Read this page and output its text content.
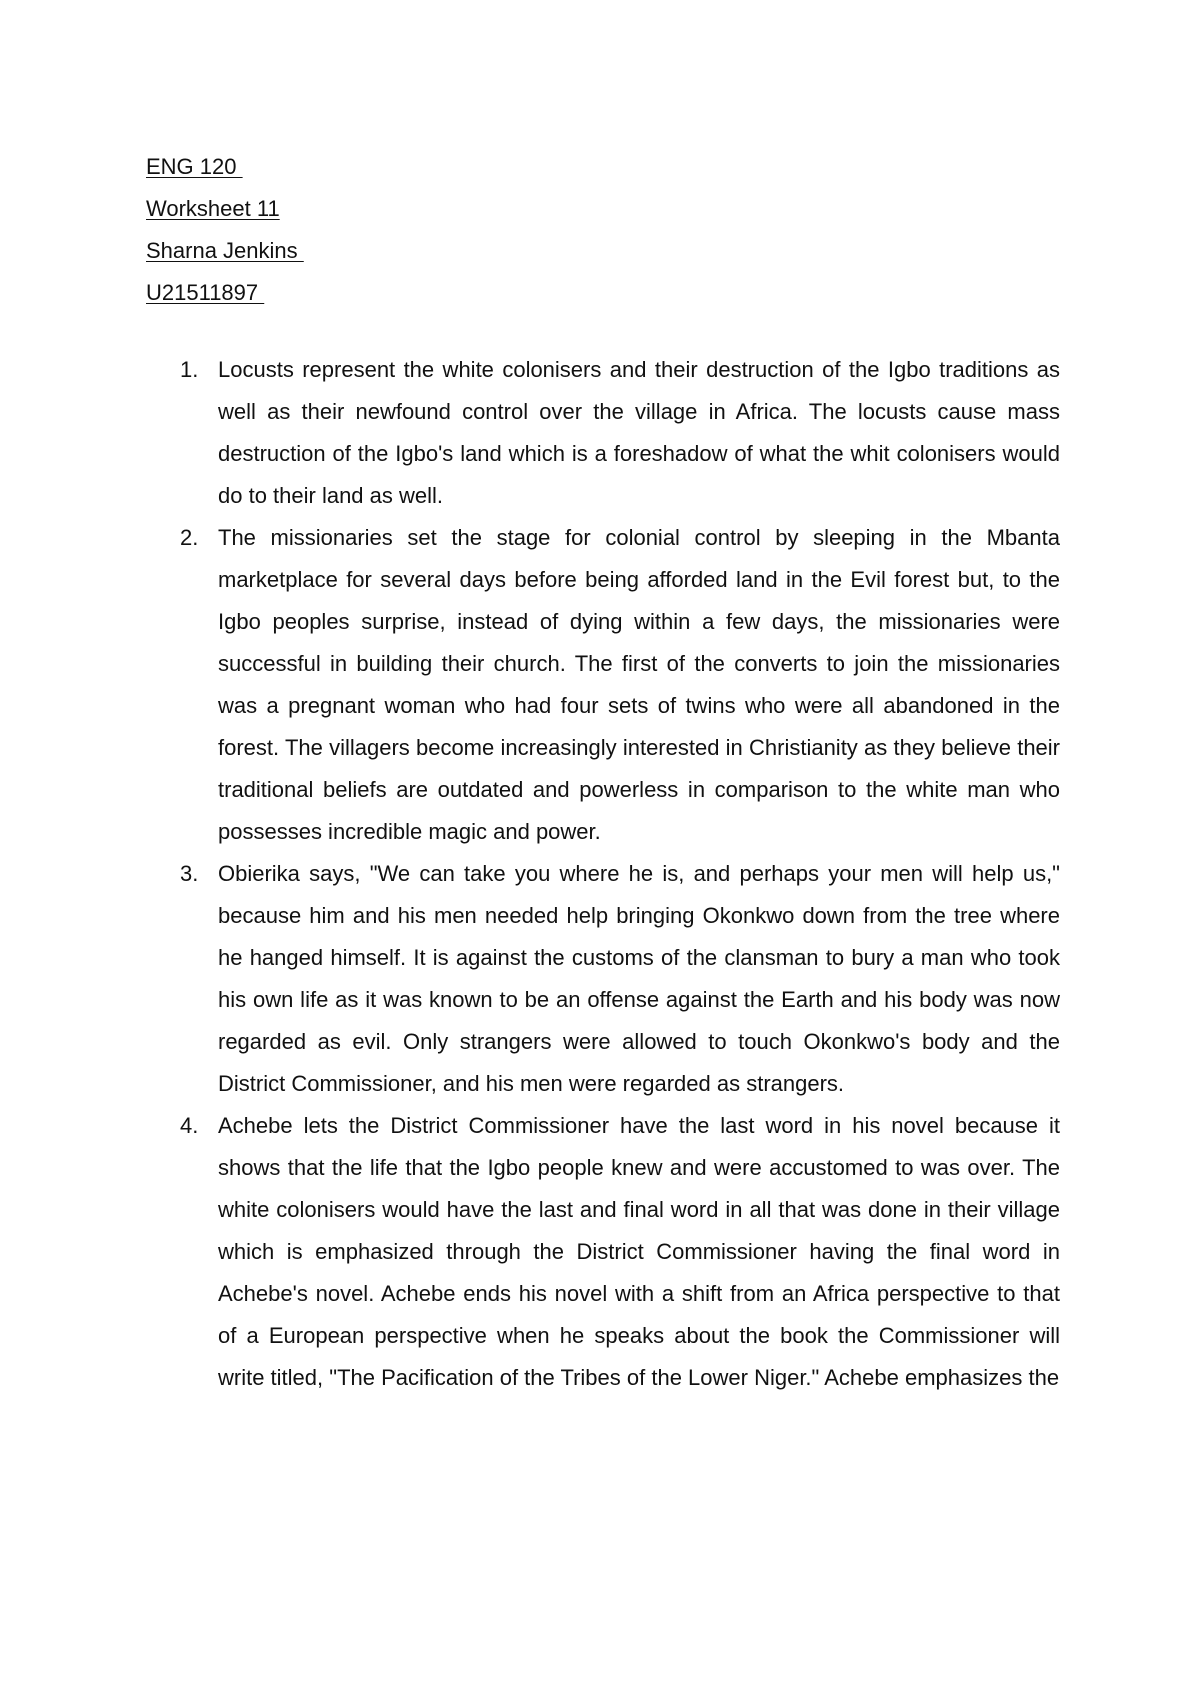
ENG 120
Worksheet 11
Sharna Jenkins
U21511897
1. Locusts represent the white colonisers and their destruction of the Igbo traditions as well as their newfound control over the village in Africa. The locusts cause mass destruction of the Igbo's land which is a foreshadow of what the whit colonisers would do to their land as well.
2. The missionaries set the stage for colonial control by sleeping in the Mbanta marketplace for several days before being afforded land in the Evil forest but, to the Igbo peoples surprise, instead of dying within a few days, the missionaries were successful in building their church. The first of the converts to join the missionaries was a pregnant woman who had four sets of twins who were all abandoned in the forest. The villagers become increasingly interested in Christianity as they believe their traditional beliefs are outdated and powerless in comparison to the white man who possesses incredible magic and power.
3. Obierika says, "We can take you where he is, and perhaps your men will help us," because him and his men needed help bringing Okonkwo down from the tree where he hanged himself. It is against the customs of the clansman to bury a man who took his own life as it was known to be an offense against the Earth and his body was now regarded as evil. Only strangers were allowed to touch Okonkwo's body and the District Commissioner, and his men were regarded as strangers.
4. Achebe lets the District Commissioner have the last word in his novel because it shows that the life that the Igbo people knew and were accustomed to was over. The white colonisers would have the last and final word in all that was done in their village which is emphasized through the District Commissioner having the final word in Achebe's novel. Achebe ends his novel with a shift from an Africa perspective to that of a European perspective when he speaks about the book the Commissioner will write titled, "The Pacification of the Tribes of the Lower Niger." Achebe emphasizes the
